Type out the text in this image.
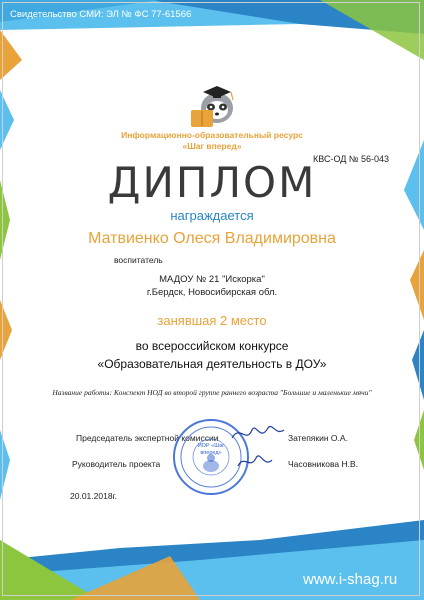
Свидетельство СМИ: ЭЛ № ФС 77-61566
Информационно-образовательный ресурс
«Шаг вперед»
КВС-ОД № 56-043
ДИПЛОМ
награждается
Матвиенко Олеся Владимировна
воспитатель
МАДОУ № 21 "Искорка"
г.Бердск, Новосибирская обл.
занявшая 2 место
во всероссийском конкурсе
«Образовательная деятельность в ДОУ»
Название работы: Конспект НОД во второй группе раннего возраста "Большие и маленькие мячи"
Председатель экспертной комиссии	Затепякин О.А.
Руководитель проекта	Часовникова Н.В.
ИОР «Шаг вперед»
20.01.2018г.
www.i-shag.ru
